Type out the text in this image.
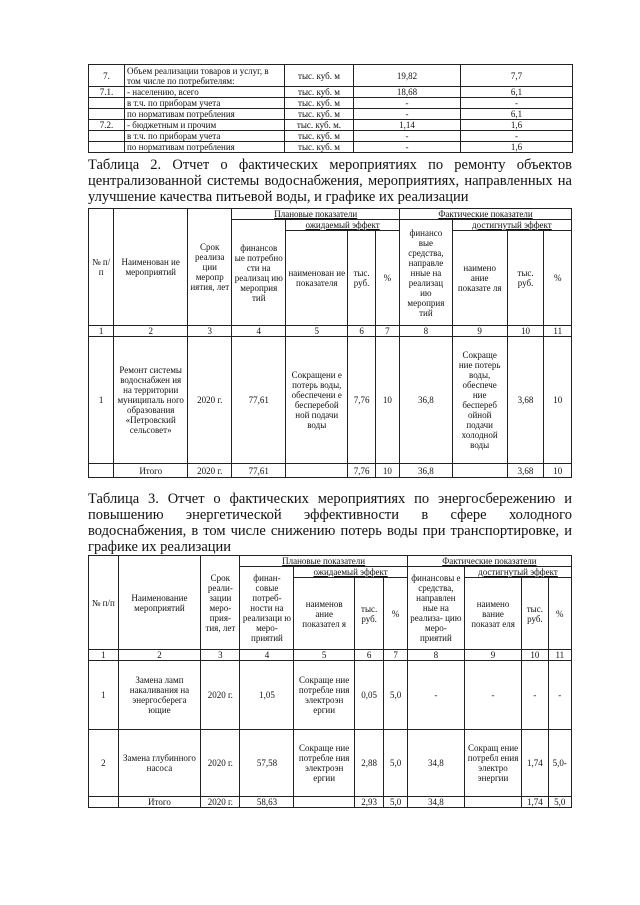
7.	Объем реализации товаров и услуг, в том числе по потребителям:	тыс. куб. м	19,82	7,7
7.1.	- населению, всего	тыс. куб. м	18,68	6,1
	в т.ч. по приборам учета	тыс. куб. м	-	-
	по нормативам потребления	тыс. куб. м	-	6,1
7.2.	- бюджетным и прочим	тыс. куб. м.	1,14	1,6
	в т.ч. по приборам учета	тыс. куб. м	-	-
	по нормативам потребления	тыс. куб. м	-	1,6
Таблица 2. Отчет о фактических мероприятиях по ремонту объектов централизованной системы водоснабжения, мероприятиях, направленных на улучшение качества питьевой воды, и графике их реализации
№ п/п	Наименован ие мероприятий	Срок реализа ции меропр иятия, лет	Плановые показатели				Фактические показатели			
			финансов ые потребно сти на реализац ию мероприя тий	ожидаемый эффект			финансо вые средства, направле нные на реализац ию мероприя тий	достигнутый эффект		
				наименован ие показателя	тыс. руб.	%		наимено ание показате ля	тыс. руб.	%
1	2	3	4	5	6	7	8	9	10	11
1	Ремонт системы водоснабжен ия на территории муниципаль ного образования «Петровский сельсовет»	2020 г.	77,61	Сокращени е потерь воды, обеспечени е бесперебой ной подачи воды	7,76	10	36,8	Сокраще ние потерь воды, обеспече ние беспереб ойной подачи холодной воды	3,68	10
	Итого	2020 г.	77,61		7,76	10	36,8		3,68	10
Таблица 3. Отчет о фактических мероприятиях по энергосбережению и повышению энергетической эффективности в сфере холодного водоснабжения, в том числе снижению потерь воды при транспортировке, и графике их реализации
№ п/п	Наименование мероприятий	Срок реали- зации меро- прия- тия, лет	Плановые показатели				Фактические показатели			
			финан- совые потреб- ности на реализаци ю меро- приятий	ожидаемый эффект			финансовы е средства, направлен ные на реализа- цию меро- приятий	достигнутый эффект		
				наименов ание показател я	тыс. руб.	%		наимено вание показат еля	тыс. руб.	%
1	2	3	4	5	6	7	8	9	10	11
1	Замена ламп накаливания на энергосберега ющие	2020 г.	1,05	Сокраще ние потребле ния электроэн ергии	0,05	5,0	-	-	-	-
2	Замена глубинного насоса	2020 г.	57,58	Сокраще ние потребле ния электроэн ергии	2,88	5,0	34,8	Сокращ ение потребл ения электро энергии	1,74	5,0-
	Итого	2020 г.	58,63		2,93	5,0	34,8		1,74	5,0
